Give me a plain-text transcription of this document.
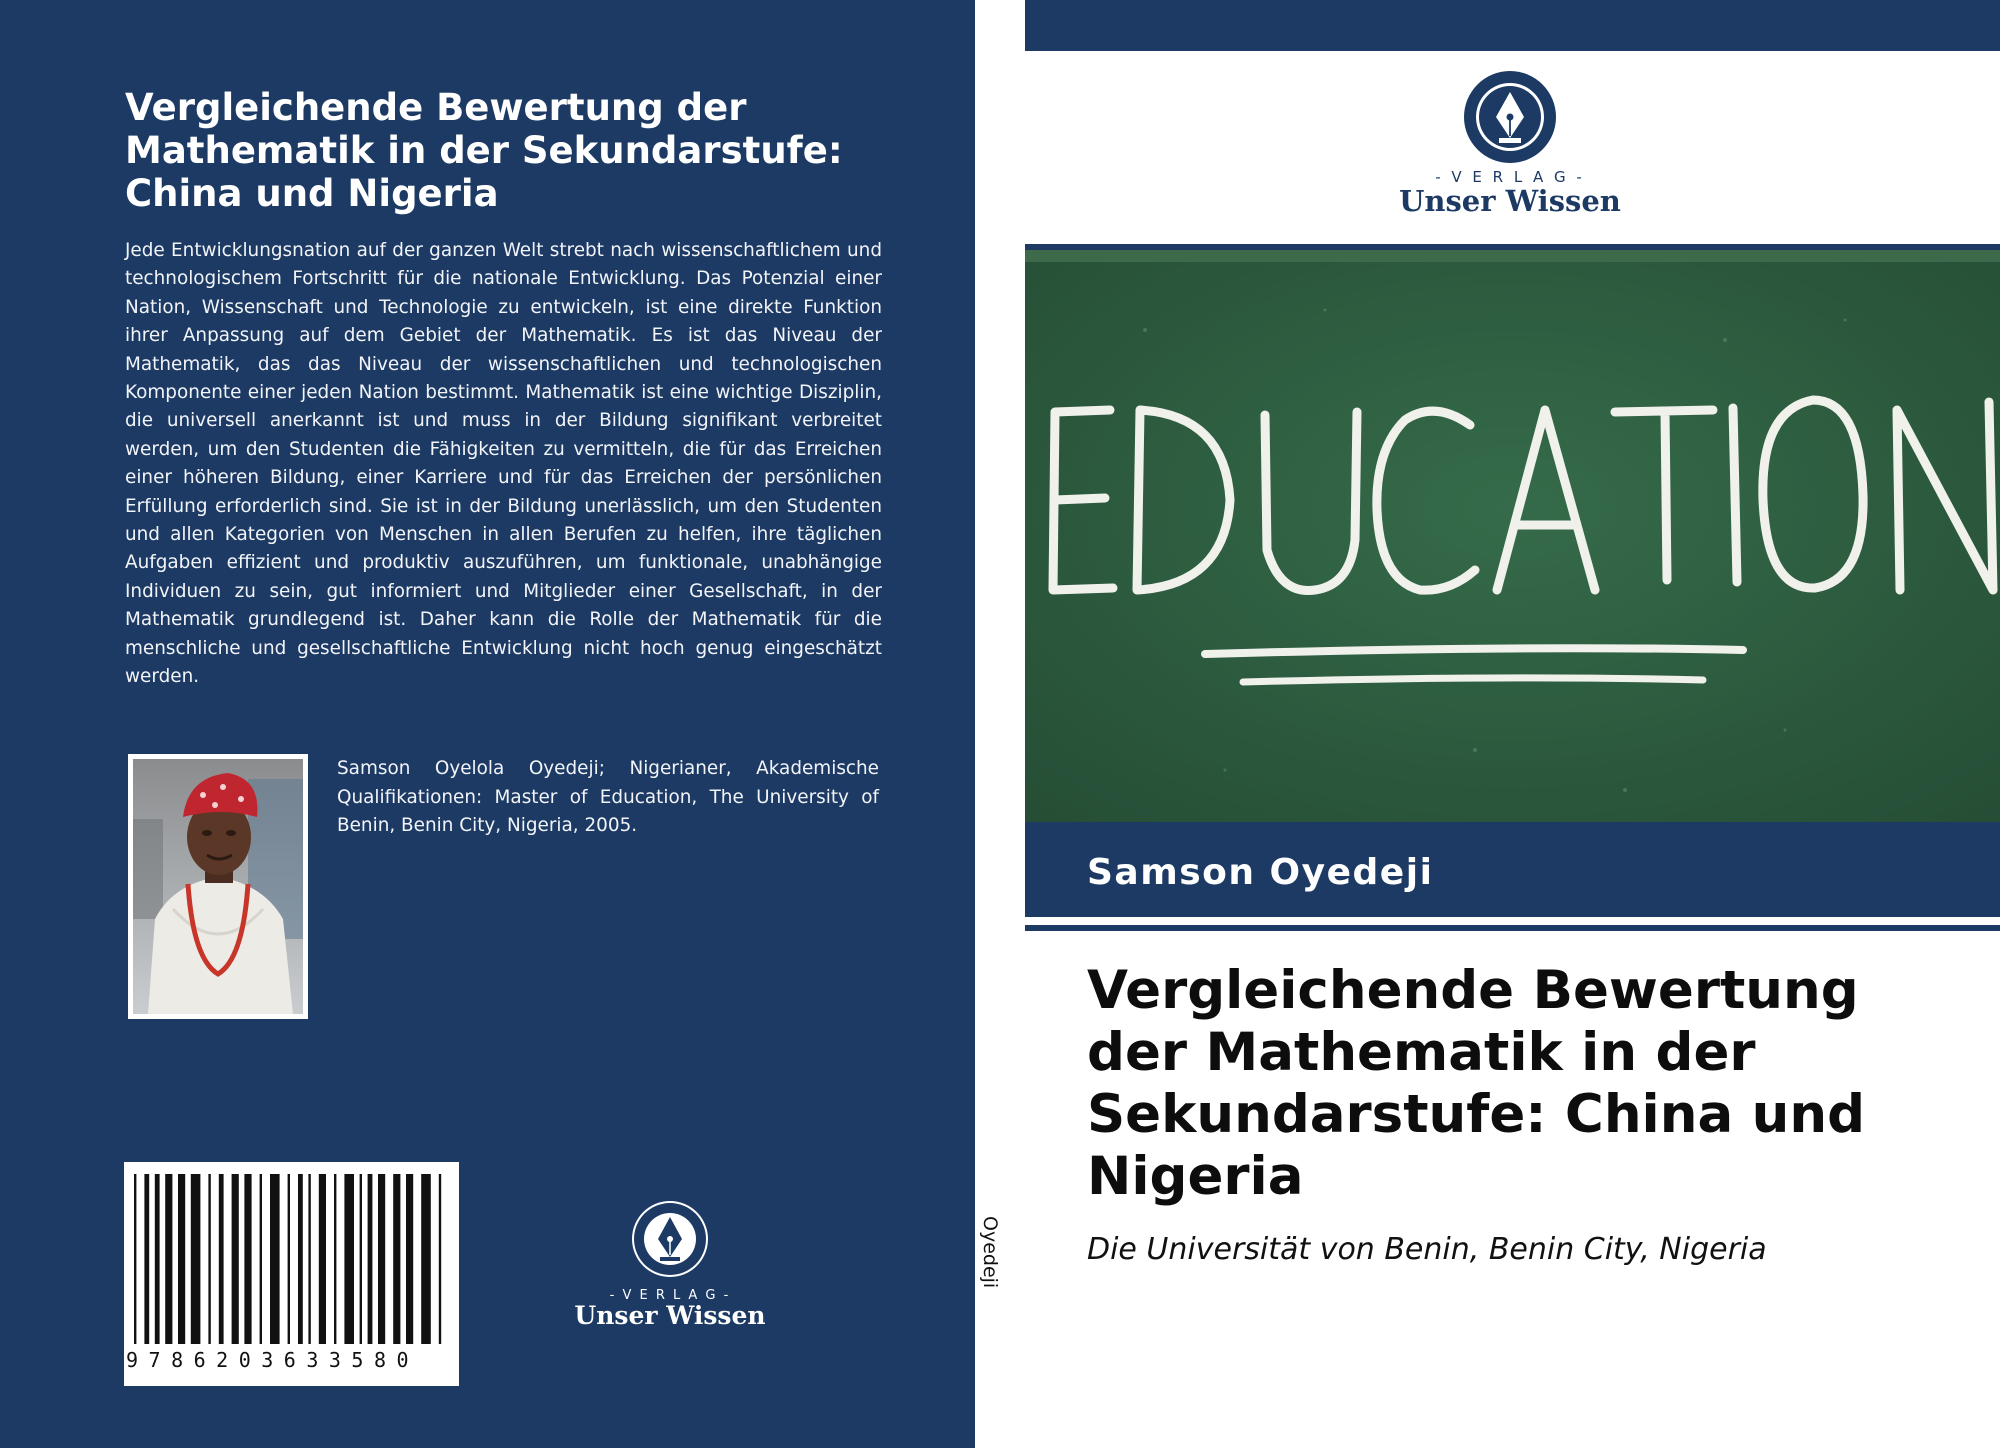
Vergleichende Bewertung der Mathematik in der Sekundarstufe: China und Nigeria

Jede Entwicklungsnation auf der ganzen Welt strebt nach wissenschaftlichem und technologischem Fortschritt für die nationale Entwicklung. Das Potenzial einer Nation, Wissenschaft und Technologie zu entwickeln, ist eine direkte Funktion ihrer Anpassung auf dem Gebiet der Mathematik. Es ist das Niveau der Mathematik, das das Niveau der wissenschaftlichen und technologischen Komponente einer jeden Nation bestimmt. Mathematik ist eine wichtige Disziplin, die universell anerkannt ist und muss in der Bildung signifikant verbreitet werden, um den Studenten die Fähigkeiten zu vermitteln, die für das Erreichen einer höheren Bildung, einer Karriere und für das Erreichen der persönlichen Erfüllung erforderlich sind. Sie ist in der Bildung unerlässlich, um den Studenten und allen Kategorien von Menschen in allen Berufen zu helfen, ihre täglichen Aufgaben effizient und produktiv auszuführen, um funktionale, unabhängige Individuen zu sein, gut informiert und Mitglieder einer Gesellschaft, in der Mathematik grundlegend ist. Daher kann die Rolle der Mathematik für die menschliche und gesellschaftliche Entwicklung nicht hoch genug eingeschätzt werden.

Samson Oyelola Oyedeji; Nigerianer, Akademische Qualifikationen: Master of Education, The University of Benin, Benin City, Nigeria, 2005.

9786203633580
- V E R L A G -
Unser Wissen
- V E R L A G -
Unser Wissen
Samson Oyedeji
Vergleichende Bewertung der Mathematik in der Sekundarstufe: China und Nigeria

Die Universität von Benin, Benin City, Nigeria
